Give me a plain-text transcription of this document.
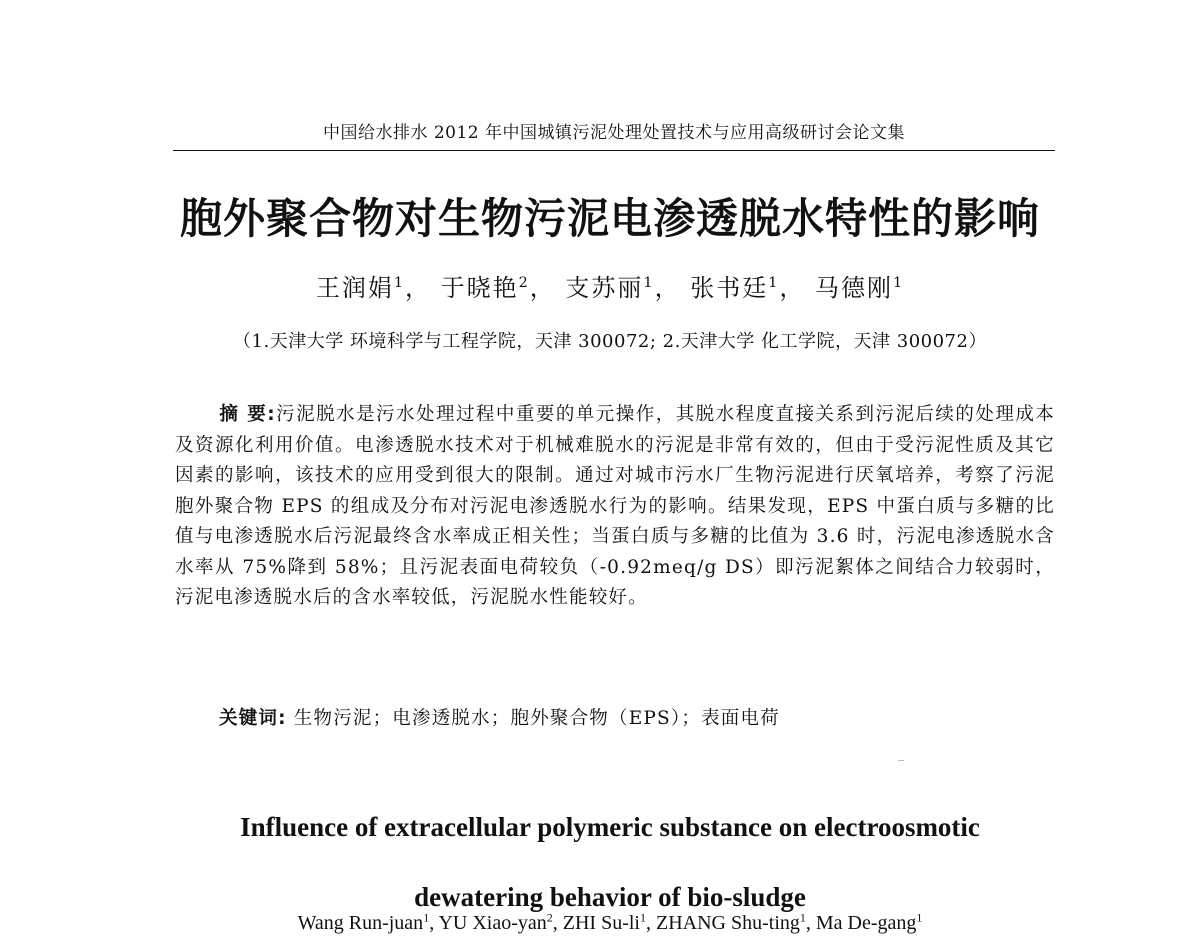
中国给水排水 2012 年中国城镇污泥处理处置技术与应用高级研讨会论文集
胞外聚合物对生物污泥电渗透脱水特性的影响
王润娟$^1$， 于晓艳$^2$， 支苏丽$^1$， 张书廷$^1$， 马德刚$^1$
（1.天津大学 环境科学与工程学院，天津 300072; 2.天津大学 化工学院，天津 300072）
摘 要:污泥脱水是污水处理过程中重要的单元操作，其脱水程度直接关系到污泥后续的处理成本及资源化利用价值。电渗透脱水技术对于机械难脱水的污泥是非常有效的，但由于受污泥性质及其它因素的影响，该技术的应用受到很大的限制。通过对城市污水厂生物污泥进行厌氧培养，考察了污泥胞外聚合物 EPS 的组成及分布对污泥电渗透脱水行为的影响。结果发现，EPS 中蛋白质与多糖的比值与电渗透脱水后污泥最终含水率成正相关性；当蛋白质与多糖的比值为 3.6 时，污泥电渗透脱水含水率从 75%降到 58%；且污泥表面电荷较负（-0.92meq/g DS）即污泥絮体之间结合力较弱时，污泥电渗透脱水后的含水率较低，污泥脱水性能较好。
关键词: 生物污泥；电渗透脱水；胞外聚合物（EPS）；表面电荷
Influence of extracellular polymeric substance on electroosmotic
dewatering behavior of bio-sludge
Wang Run-juan$^1$, YU Xiao-yan$^2$, ZHI $Su-li^1$, ZHANG Shu-ting$^1$, Ma De-gang$^1$
